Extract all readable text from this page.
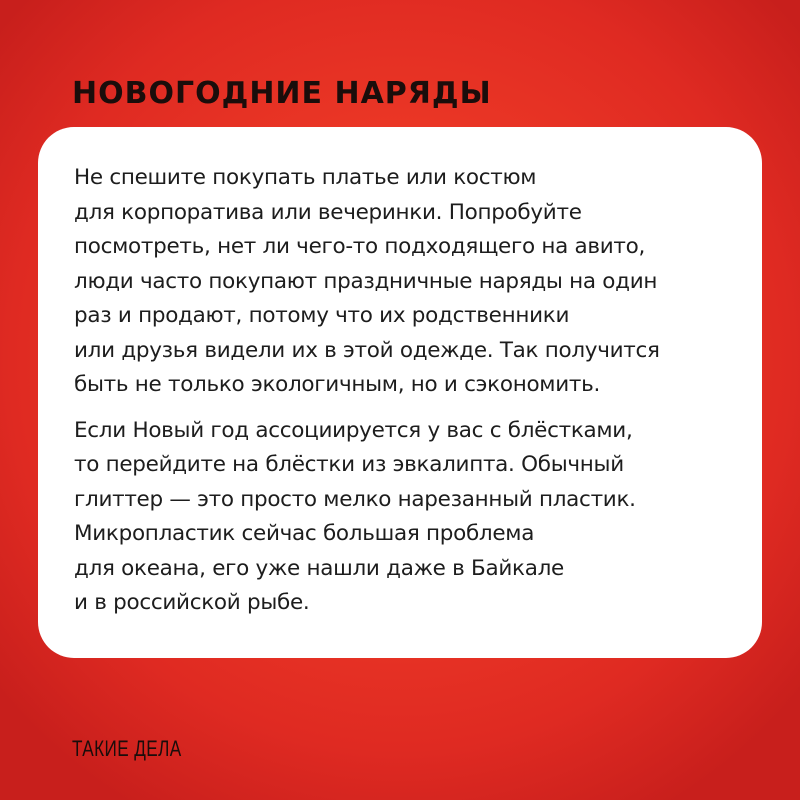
НОВОГОДНИЕ НАРЯДЫ

Не спешите покупать платье или костюм
для корпоратива или вечеринки. Попробуйте
посмотреть, нет ли чего-то подходящего на авито,
люди часто покупают праздничные наряды на один
раз и продают, потому что их родственники
или друзья видели их в этой одежде. Так получится
быть не только экологичным, но и сэкономить.

Если Новый год ассоциируется у вас с блёстками,
то перейдите на блёстки из эвкалипта. Обычный
глиттер — это просто мелко нарезанный пластик.
Микропластик сейчас большая проблема
для океана, его уже нашли даже в Байкале
и в российской рыбе.

ТАКИЕ ДЕЛА
